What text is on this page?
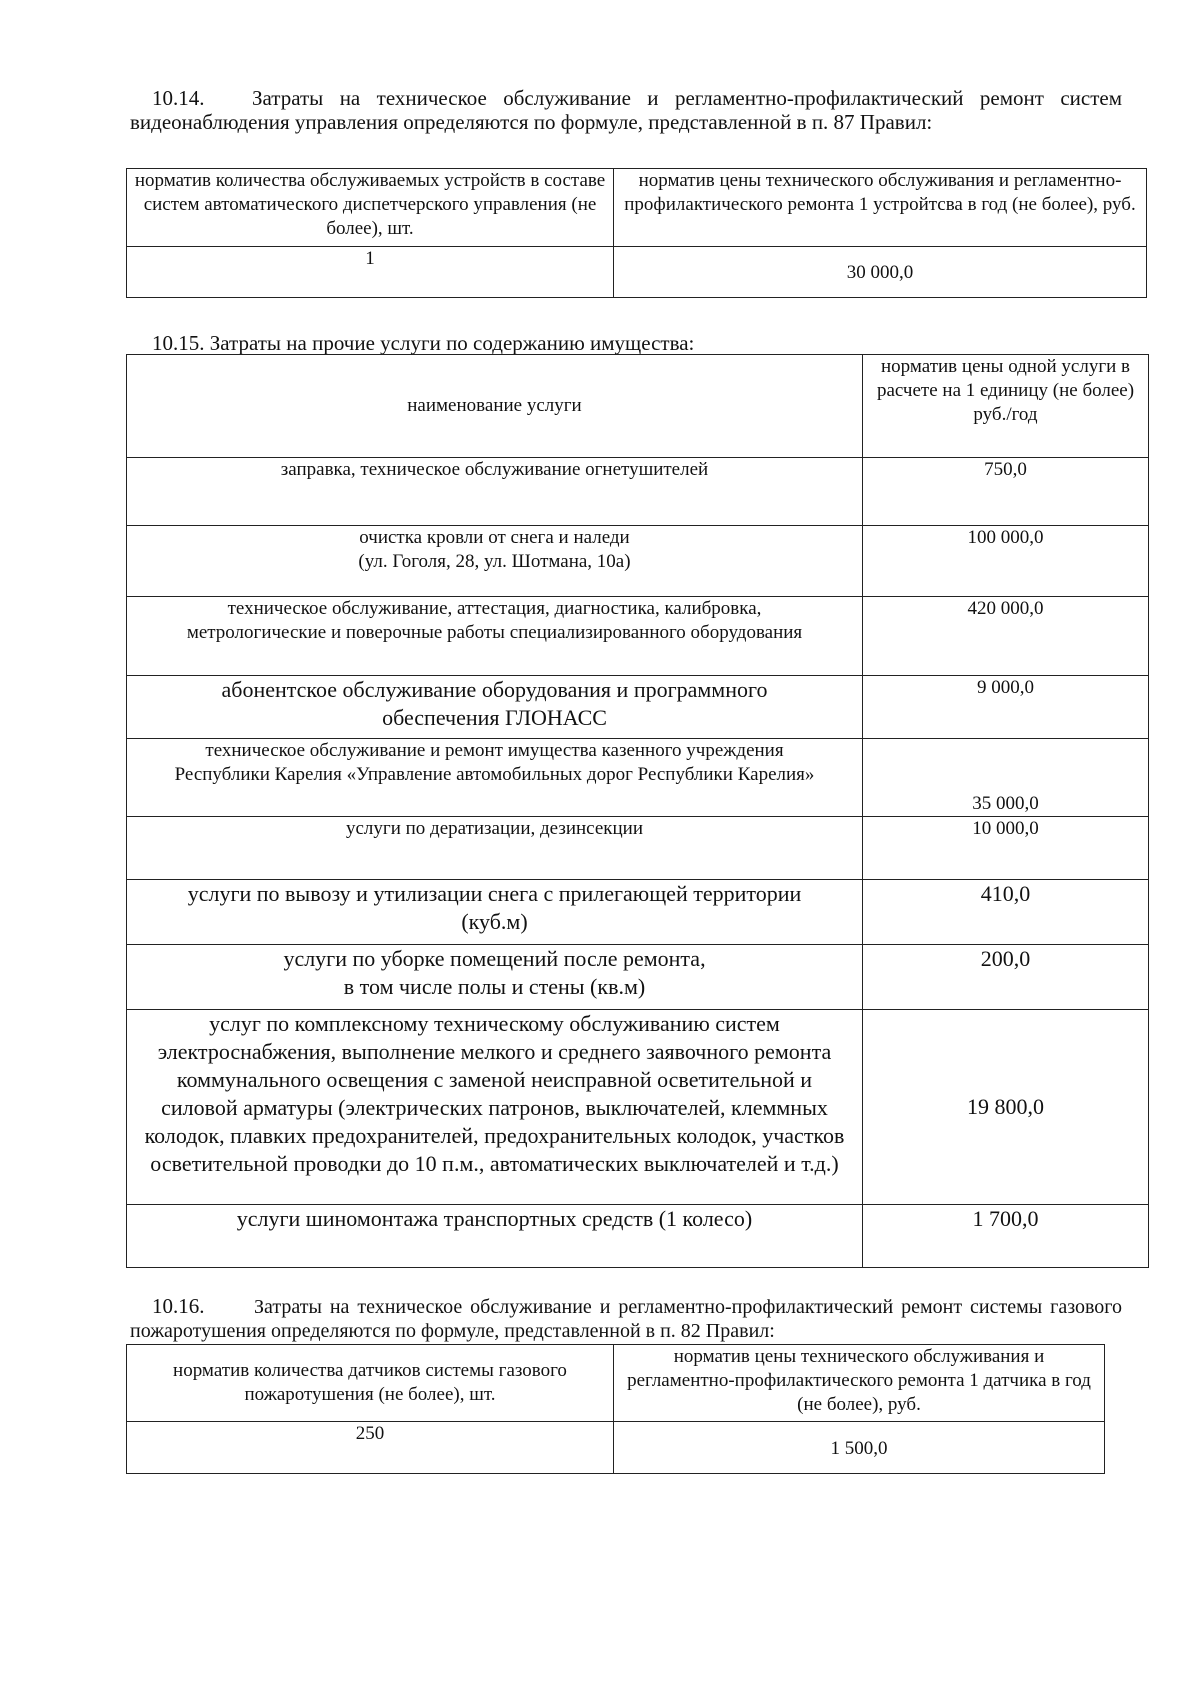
10.14. Затраты на техническое обслуживание и регламентно-профилактический ремонт систем видеонаблюдения управления определяются по формуле, представленной в п. 87 Правил:
норматив количества обслуживаемых устройств в составе систем автоматического диспетчерского управления (не более), шт.	норматив цены технического обслуживания и регламентно-профилактического ремонта 1 устройтсва в год (не более), руб.
1	30 000,0
10.15. Затраты на прочие услуги по содержанию имущества:
наименование услуги	норматив цены одной услуги в расчете на 1 единицу (не более) руб./год
заправка, техническое обслуживание огнетушителей	750,0

очистка кровли от снега и наледи
(ул. Гоголя, 28, ул. Шотмана, 10а)	100 000,0
техническое обслуживание, аттестация, диагностика, калибровка, метрологические и поверочные работы специализированного оборудования	420 000,0
абонентское обслуживание оборудования и программного обеспечения ГЛОНАСС	9 000,0
техническое обслуживание и ремонт имущества казенного учреждения Республики Карелия «Управление автомобильных дорог Республики Карелия»	35 000,0
услуги по дератизации, дезинсекции	10 000,0
услуги по вывозу и утилизации снега с прилегающей территории (куб.м)	410,0

услуги по уборке помещений после ремонта,
в том числе полы и стены (кв.м)	200,0
услуг по комплексному техническому обслуживанию систем электроснабжения, выполнение мелкого и среднего заявочного ремонта коммунального освещения с заменой неисправной осветительной и силовой арматуры (электрических патронов, выключателей, клеммных колодок, плавких предохранителей, предохранительных колодок, участков осветительной проводки до 10 п.м., автоматических выключателей и т.д.)	19 800,0
услуги шиномонтажа транспортных средств (1 колесо)	1 700,0
10.16. Затраты на техническое обслуживание и регламентно-профилактический ремонт системы газового пожаротушения определяются по формуле, представленной в п. 82 Правил:
норматив количества датчиков системы газового пожаротушения (не более), шт.	норматив цены технического обслуживания и регламентно-профилактического ремонта 1 датчика в год (не более), руб.
250	1 500,0
